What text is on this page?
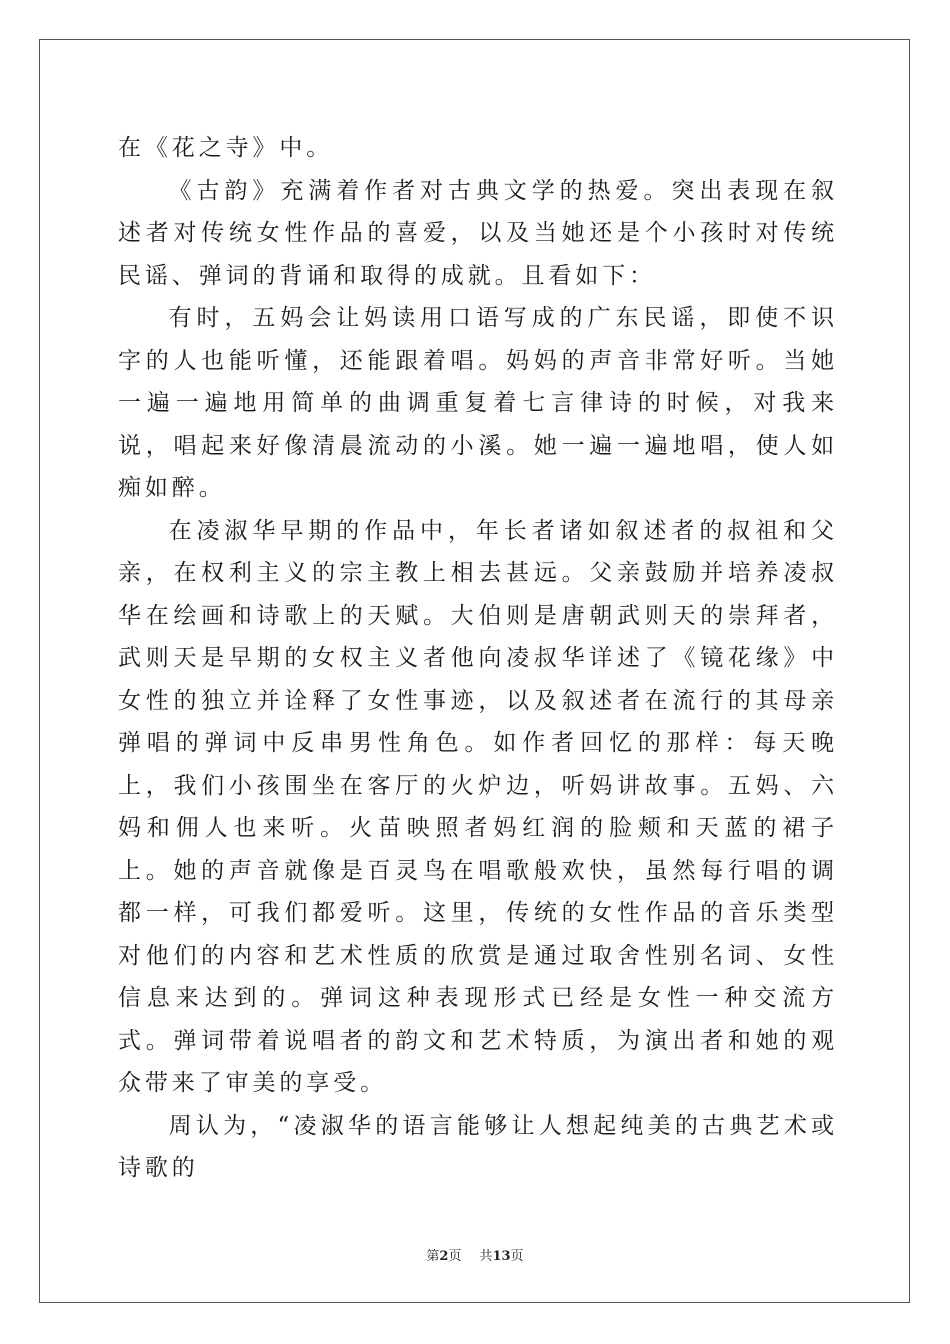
在《花之寺》中。

《古韵》充满着作者对古典文学的热爱。突出表现在叙述者对传统女性作品的喜爱，以及当她还是个小孩时对传统民谣、弹词的背诵和取得的成就。且看如下：

有时，五妈会让妈读用口语写成的广东民谣，即使不识字的人也能听懂，还能跟着唱。妈妈的声音非常好听。当她一遍一遍地用简单的曲调重复着七言律诗的时候，对我来说，唱起来好像清晨流动的小溪。她一遍一遍地唱，使人如痴如醉。

在凌淑华早期的作品中，年长者诸如叙述者的叔祖和父亲，在权利主义的宗主教上相去甚远。父亲鼓励并培养凌叔华在绘画和诗歌上的天赋。大伯则是唐朝武则天的崇拜者，武则天是早期的女权主义者他向凌叔华详述了《镜花缘》中女性的独立并诠释了女性事迹，以及叙述者在流行的其母亲弹唱的弹词中反串男性角色。如作者回忆的那样：每天晚上，我们小孩围坐在客厅的火炉边，听妈讲故事。五妈、六妈和佣人也来听。火苗映照者妈红润的脸颊和天蓝的裙子上。她的声音就像是百灵鸟在唱歌般欢快，虽然每行唱的调都一样，可我们都爱听。这里，传统的女性作品的音乐类型对他们的内容和艺术性质的欣赏是通过取舍性别名词、女性信息来达到的。弹词这种表现形式已经是女性一种交流方式。弹词带着说唱者的韵文和艺术特质，为演出者和她的观众带来了审美的享受。

周认为，“凌淑华的语言能够让人想起纯美的古典艺术或诗歌的

第2页 共13页
